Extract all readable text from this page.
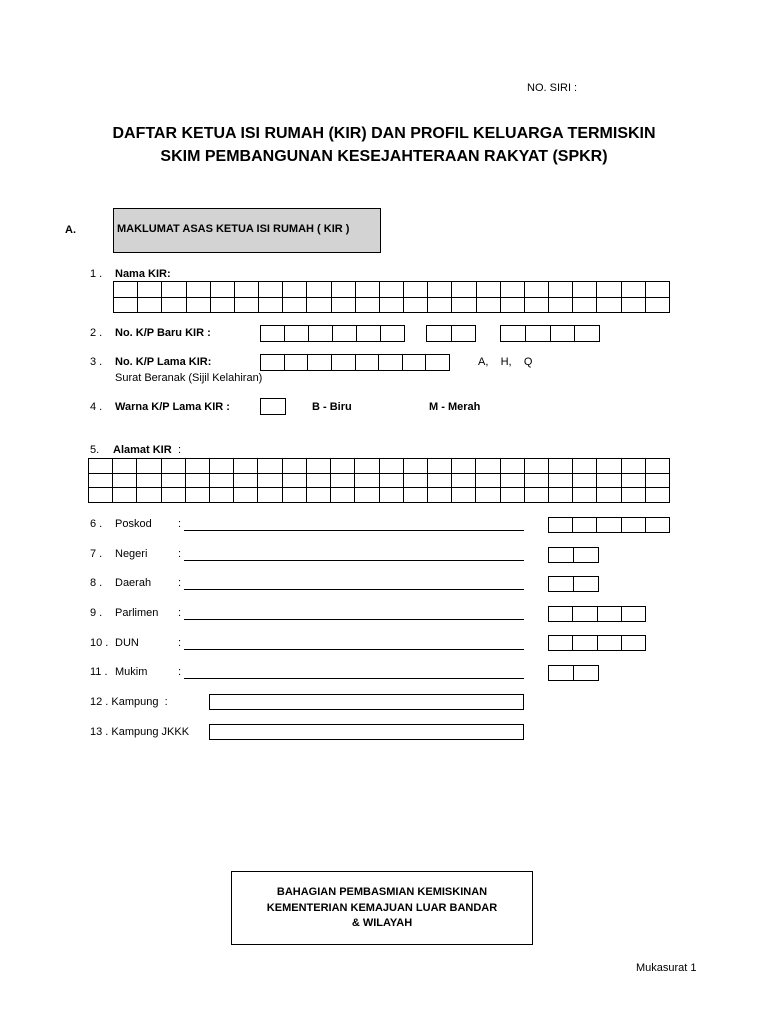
NO. SIRI :
DAFTAR KETUA ISI RUMAH (KIR) DAN PROFIL KELUARGA TERMISKIN
SKIM PEMBANGUNAN KESEJAHTERAAN RAKYAT (SPKR)
A.	MAKLUMAT ASAS KETUA ISI RUMAH ( KIR )
1 . Nama KIR:
2 . No. K/P Baru KIR :
3 . No. K/P Lama KIR:	A,    H,    Q
Surat Beranak (Sijil Kelahiran)
4 . Warna K/P Lama KIR :	B - Biru	M - Merah
5. Alamat KIR :
6 . Poskod :
7 . Negeri	:
8 . Daerah :
9 . Parlimen :
10 . DUN	:
11 . Mukim	:
12 . Kampung  :
13 . Kampung JKKK
BAHAGIAN PEMBASMIAN KEMISKINAN
KEMENTERIAN KEMAJUAN LUAR BANDAR
& WILAYAH
Mukasurat 1
